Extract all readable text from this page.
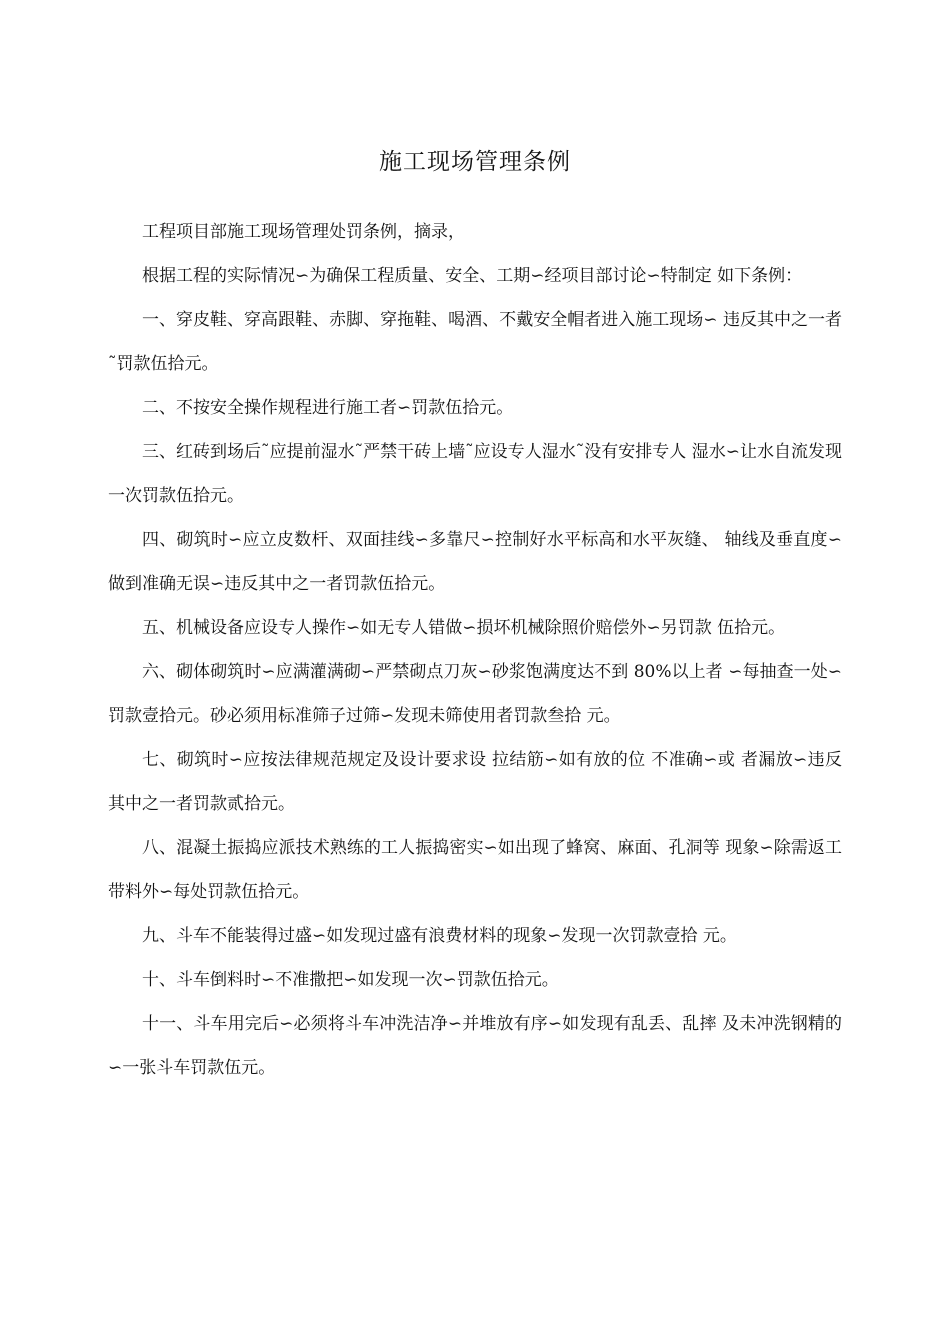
施工现场管理条例

工程项目部施工现场管理处罚条例，摘录，

根据工程的实际情况∽为确保工程质量、安全、工期∽经项目部讨论∽特制定 如下条例：

一、穿皮鞋、穿高跟鞋、赤脚、穿拖鞋、喝酒、不戴安全帽者进入施工现场∽ 违反其中之一者˜罚款伍拾元。

二、不按安全操作规程进行施工者∽罚款伍拾元。

三、红砖到场后˜应提前湿水˜严禁干砖上墙˜应设专人湿水˜没有安排专人 湿水∽让水自流发现一次罚款伍拾元。

四、砌筑时∽应立皮数杆、双面挂线∽多靠尺∽控制好水平标高和水平灰缝、 轴线及垂直度∽做到准确无误∽违反其中之一者罚款伍拾元。

五、机械设备应设专人操作∽如无专人错做∽损坏机械除照价赔偿外∽另罚款 伍拾元。

六、砌体砌筑时∽应满灌满砌∽严禁砌点刀灰∽砂浆饱满度达不到 80%以上者 ∽每抽查一处∽罚款壹拾元。砂必须用标准筛子过筛∽发现未筛使用者罚款叁拾 元。

七、砌筑时∽应按法律规范规定及设计要求设 拉结筋∽如有放的位 不准确∽或 者漏放∽违反其中之一者罚款贰拾元。

八、混凝土振捣应派技术熟练的工人振捣密实∽如出现了蜂窝、麻面、孔洞等 现象∽除需返工带料外∽每处罚款伍拾元。

九、斗车不能装得过盛∽如发现过盛有浪费材料的现象∽发现一次罚款壹拾 元。

十、斗车倒料时∽不准撒把∽如发现一次∽罚款伍拾元。

十一、斗车用完后∽必须将斗车冲洗洁净∽并堆放有序∽如发现有乱丢、乱摔 及未冲洗钢精的∽一张斗车罚款伍元。
